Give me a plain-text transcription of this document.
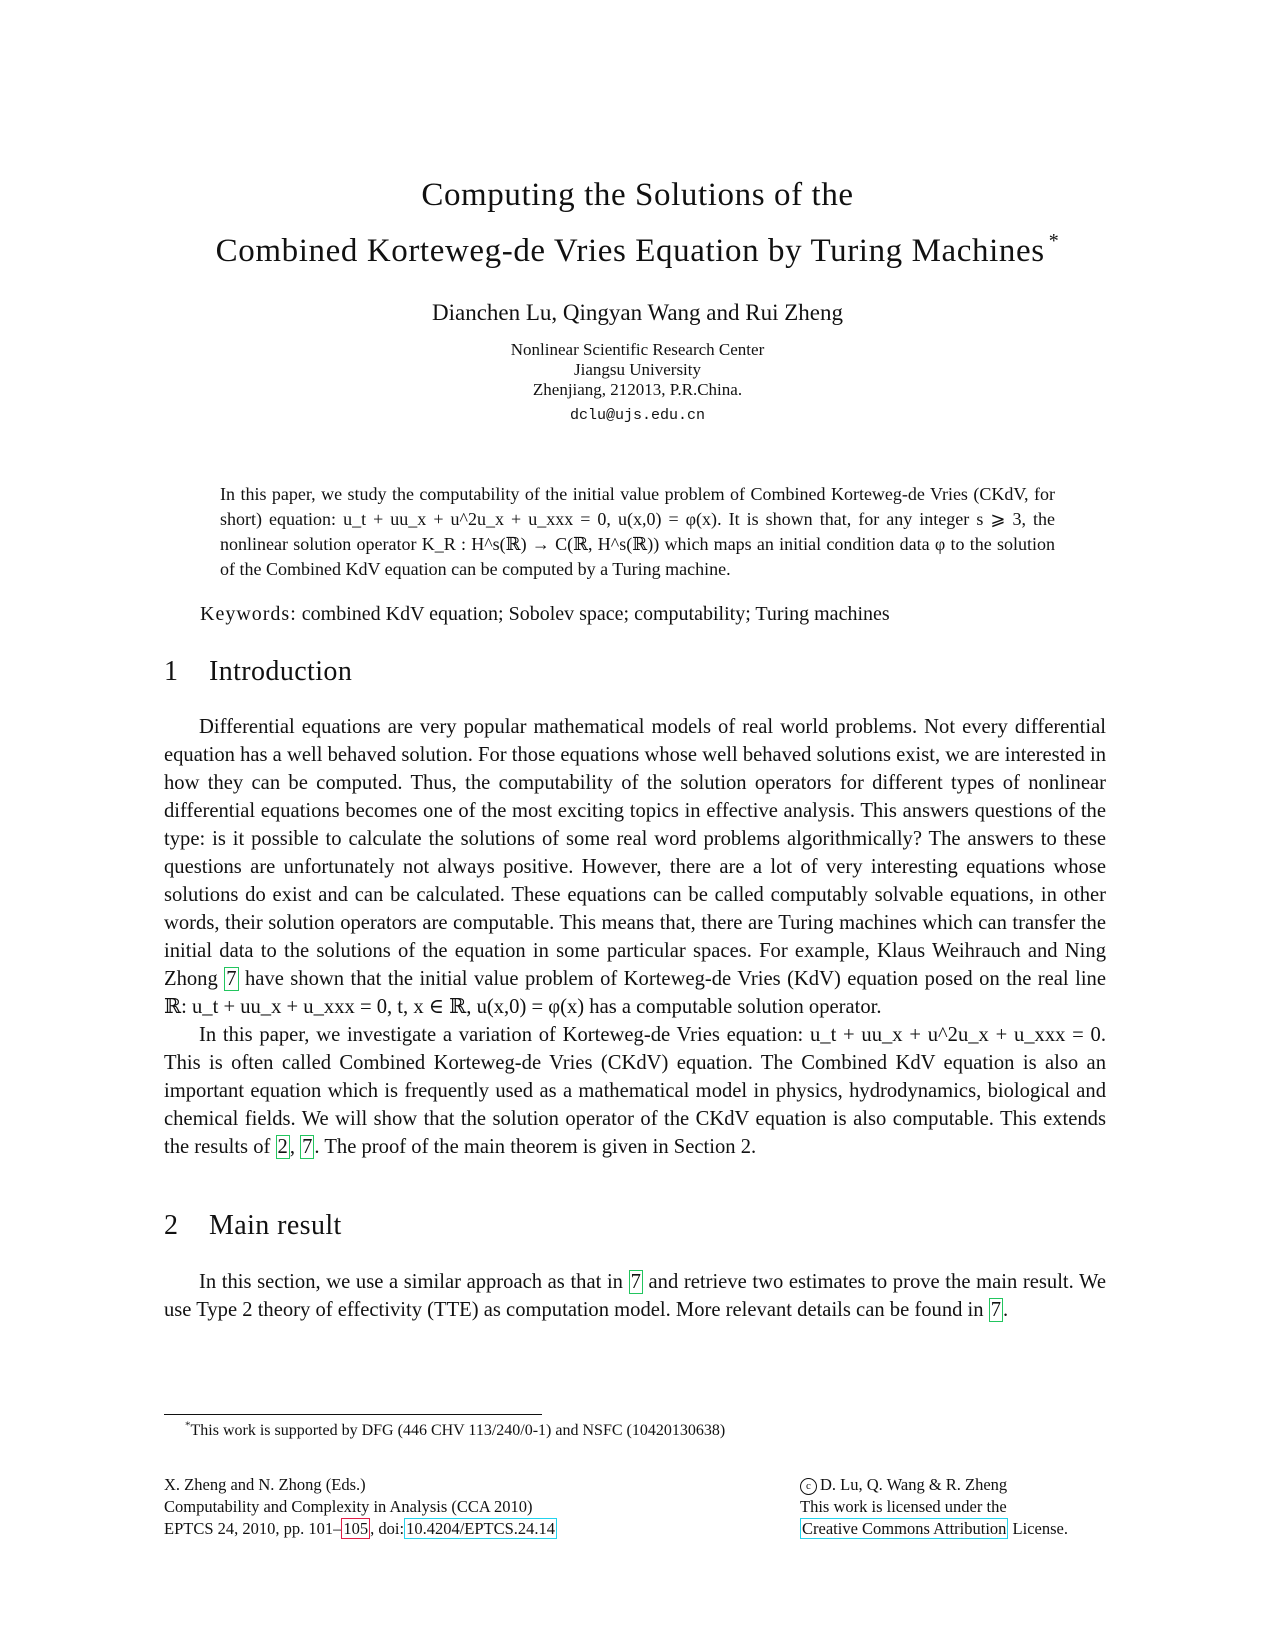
Computing the Solutions of the
Combined Korteweg-de Vries Equation by Turing Machines *
Dianchen Lu, Qingyan Wang and Rui Zheng
Nonlinear Scientific Research Center
Jiangsu University
Zhenjiang, 212013, P.R.China.
dclu@ujs.edu.cn
In this paper, we study the computability of the initial value problem of Combined Korteweg-de Vries (CKdV, for short) equation: u_t + uu_x + u^2u_x + u_xxx = 0, u(x,0) = φ(x). It is shown that, for any integer s ⩾ 3, the nonlinear solution operator K_R : H^s(ℝ) → C(ℝ, H^s(ℝ)) which maps an initial condition data φ to the solution of the Combined KdV equation can be computed by a Turing machine.
Keywords: combined KdV equation; Sobolev space; computability; Turing machines
1 Introduction

Differential equations are very popular mathematical models of real world problems. Not every differential equation has a well behaved solution. For those equations whose well behaved solutions exist, we are interested in how they can be computed. Thus, the computability of the solution operators for different types of nonlinear differential equations becomes one of the most exciting topics in effective analysis. This answers questions of the type: is it possible to calculate the solutions of some real word problems algorithmically? The answers to these questions are unfortunately not always positive. However, there are a lot of very interesting equations whose solutions do exist and can be calculated. These equations can be called computably solvable equations, in other words, their solution operators are computable. This means that, there are Turing machines which can transfer the initial data to the solutions of the equation in some particular spaces. For example, Klaus Weihrauch and Ning Zhong 7 have shown that the initial value problem of Korteweg-de Vries (KdV) equation posed on the real line ℝ: u_t + uu_x + u_xxx = 0, t, x ∈ ℝ, u(x,0) = φ(x) has a computable solution operator.

In this paper, we investigate a variation of Korteweg-de Vries equation: u_t + uu_x + u^2u_x + u_xxx = 0. This is often called Combined Korteweg-de Vries (CKdV) equation. The Combined KdV equation is also an important equation which is frequently used as a mathematical model in physics, hydrodynamics, biological and chemical fields. We will show that the solution operator of the CKdV equation is also computable. This extends the results of 2, 7. The proof of the main theorem is given in Section 2.

2 Main result

In this section, we use a similar approach as that in 7 and retrieve two estimates to prove the main result. We use Type 2 theory of effectivity (TTE) as computation model. More relevant details can be found in 7.

*This work is supported by DFG (446 CHV 113/240/0-1) and NSFC (10420130638)
X. Zheng and N. Zhong (Eds.)
Computability and Complexity in Analysis (CCA 2010)
EPTCS 24, 2010, pp. 101– 105 , doi: 10.4204/EPTCS.24.14
c D. Lu, Q. Wang & R. Zheng
This work is licensed under the
Creative Commons Attribution License.
